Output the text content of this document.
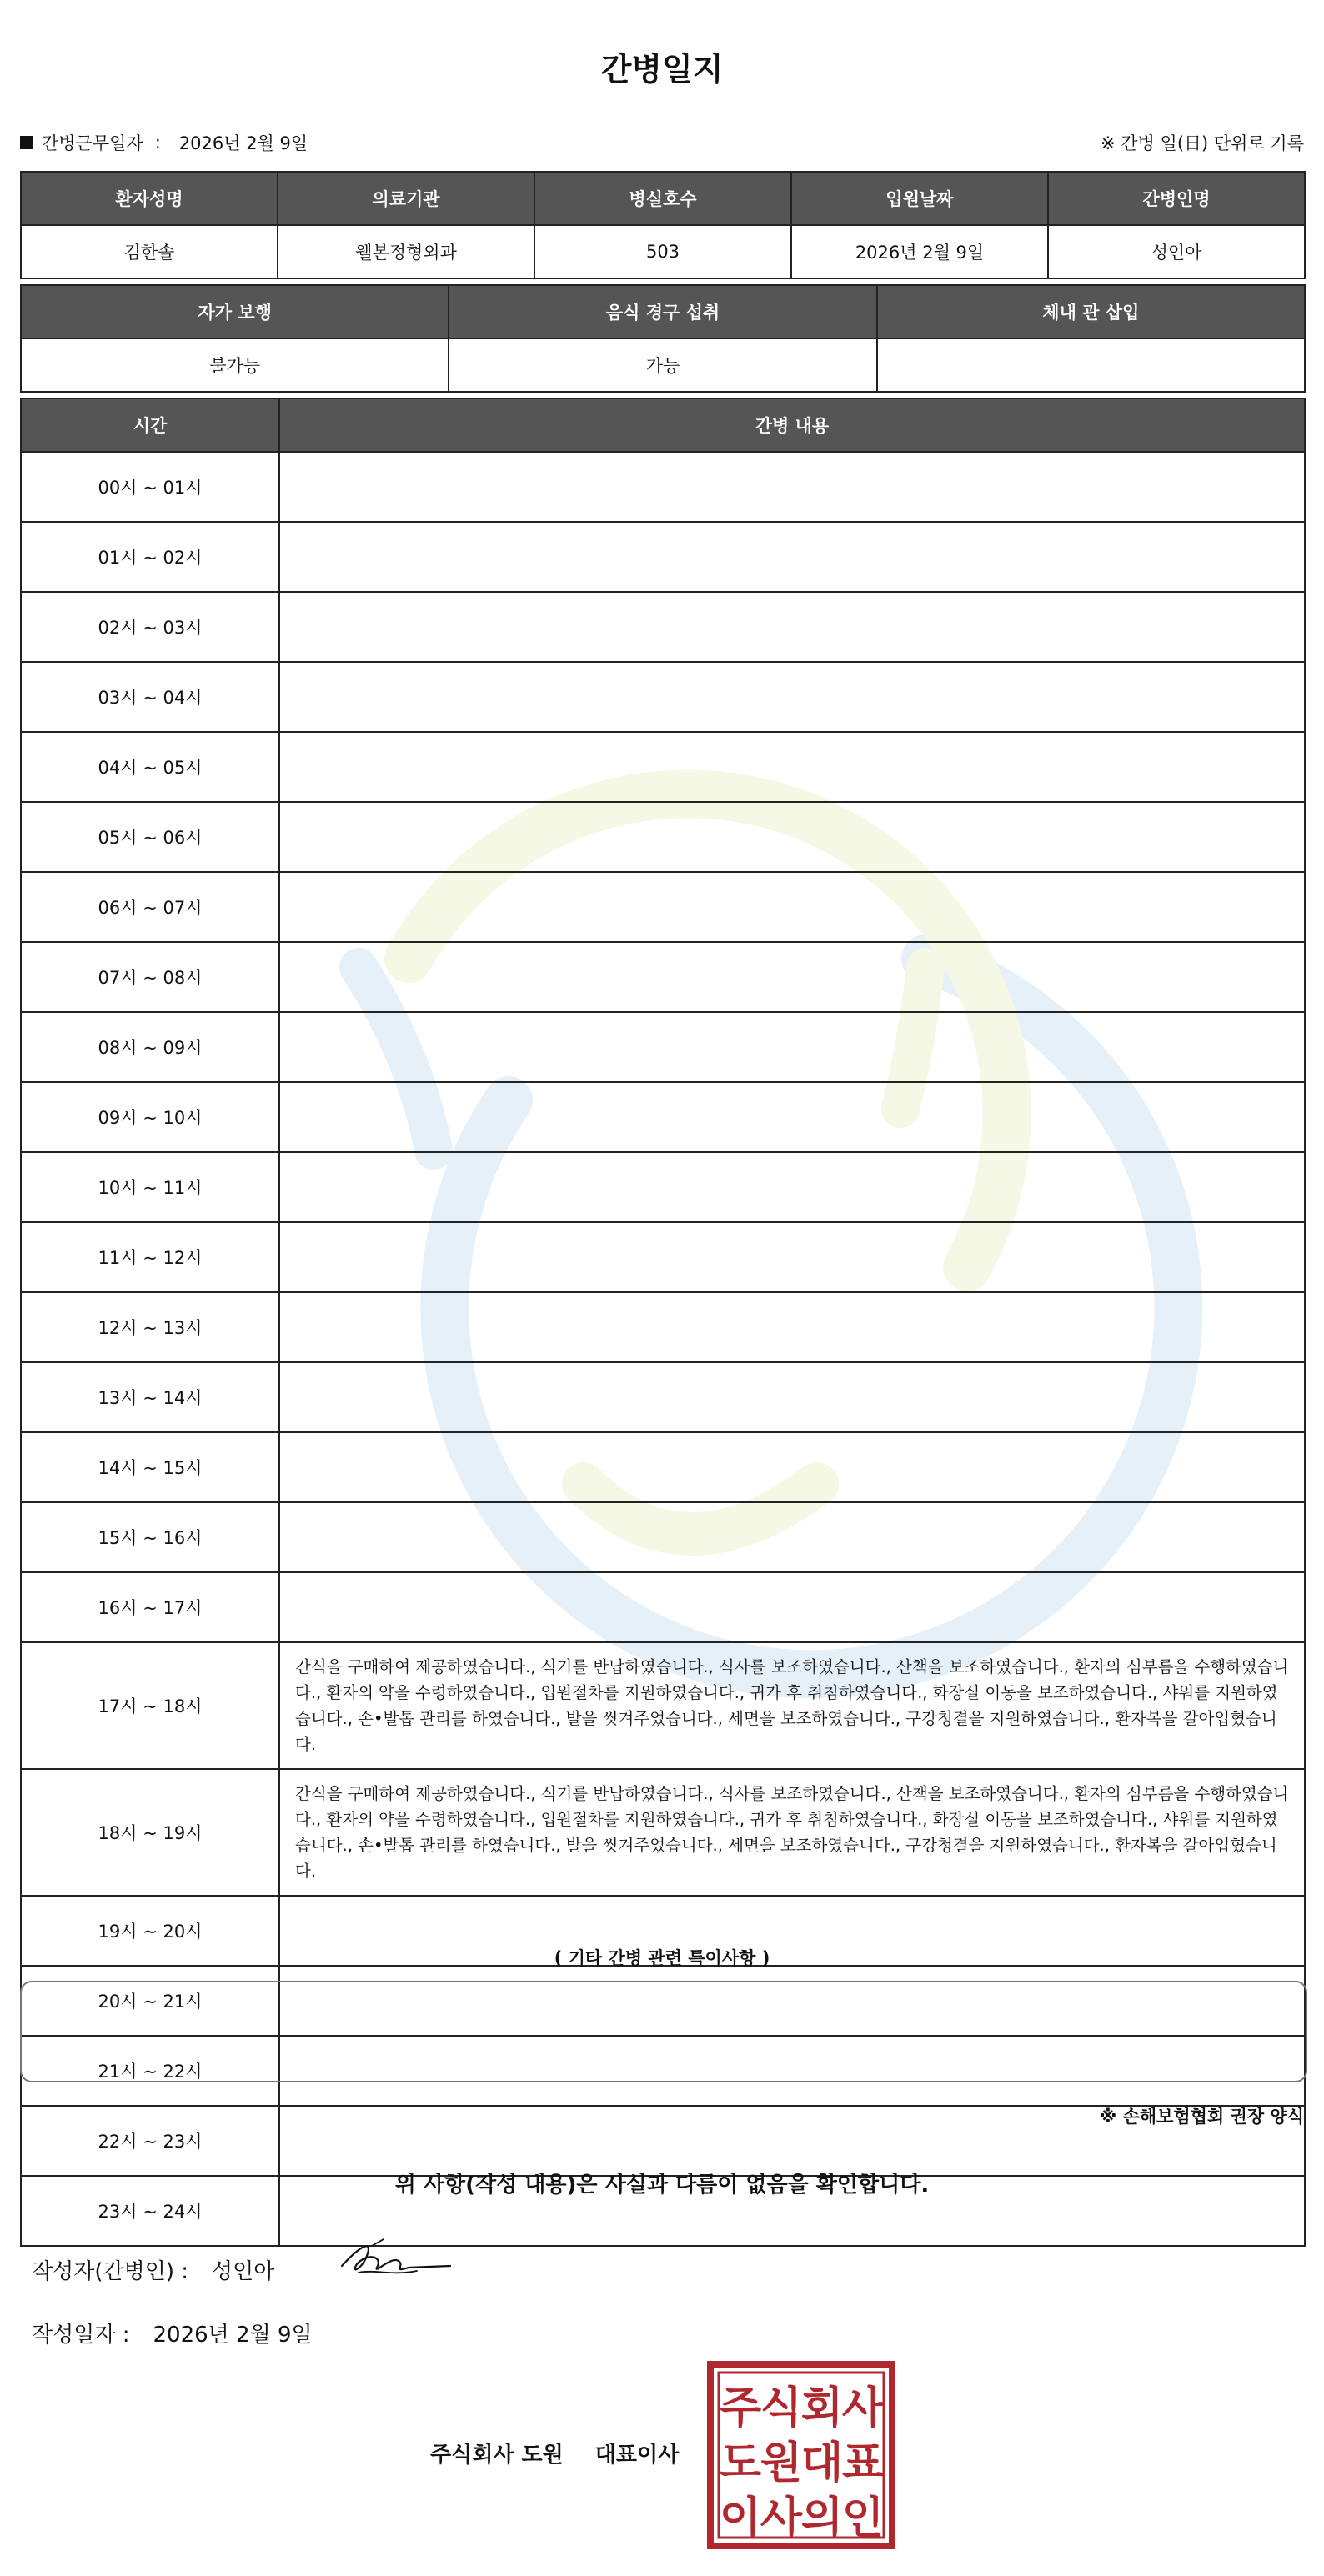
간병일지
간병근무일자 : 2026년 2월 9일	※ 간병 일(日) 단위로 기록
환자성명	의료기관	병실호수	입원날짜	간병인명
김한솔	웰본정형외과	503	2026년 2월 9일	성인아
자가 보행	음식 경구 섭취	체내 관 삽입
불가능	가능	
시간	간병 내용
00시 ~ 01시	
01시 ~ 02시	
02시 ~ 03시	
03시 ~ 04시	
04시 ~ 05시	
05시 ~ 06시	
06시 ~ 07시	
07시 ~ 08시	
08시 ~ 09시	
09시 ~ 10시	
10시 ~ 11시	
11시 ~ 12시	
12시 ~ 13시	
13시 ~ 14시	
14시 ~ 15시	
15시 ~ 16시	
16시 ~ 17시	
17시 ~ 18시	간식을 구매하여 제공하였습니다., 식기를 반납하였습니다., 식사를 보조하였습니다., 산책을 보조하였습니다., 환자의 심부름을 수행하였습니다., 환자의 약을 수령하였습니다., 입원절차를 지원하였습니다., 귀가 후 취침하였습니다., 화장실 이동을 보조하였습니다., 샤워를 지원하였습니다., 손•발톱 관리를 하였습니다., 발을 씻겨주었습니다., 세면을 보조하였습니다., 구강청결을 지원하였습니다., 환자복을 갈아입혔습니다.
18시 ~ 19시	간식을 구매하여 제공하였습니다., 식기를 반납하였습니다., 식사를 보조하였습니다., 산책을 보조하였습니다., 환자의 심부름을 수행하였습니다., 환자의 약을 수령하였습니다., 입원절차를 지원하였습니다., 귀가 후 취침하였습니다., 화장실 이동을 보조하였습니다., 샤워를 지원하였습니다., 손•발톱 관리를 하였습니다., 발을 씻겨주었습니다., 세면을 보조하였습니다., 구강청결을 지원하였습니다., 환자복을 갈아입혔습니다.
19시 ~ 20시	
20시 ~ 21시	
21시 ~ 22시	
22시 ~ 23시	
23시 ~ 24시	
( 기타 간병 관련 특이사항 )
※ 손해보험협회 권장 양식
위 사항(작성 내용)은 사실과 다름이 없음을 확인합니다.
작성자(간병인) : 성인아
작성일자 : 2026년 2월 9일
주식회사 도원 대표이사
주
식
회
사
도
원
대
표
이
사
의
인
